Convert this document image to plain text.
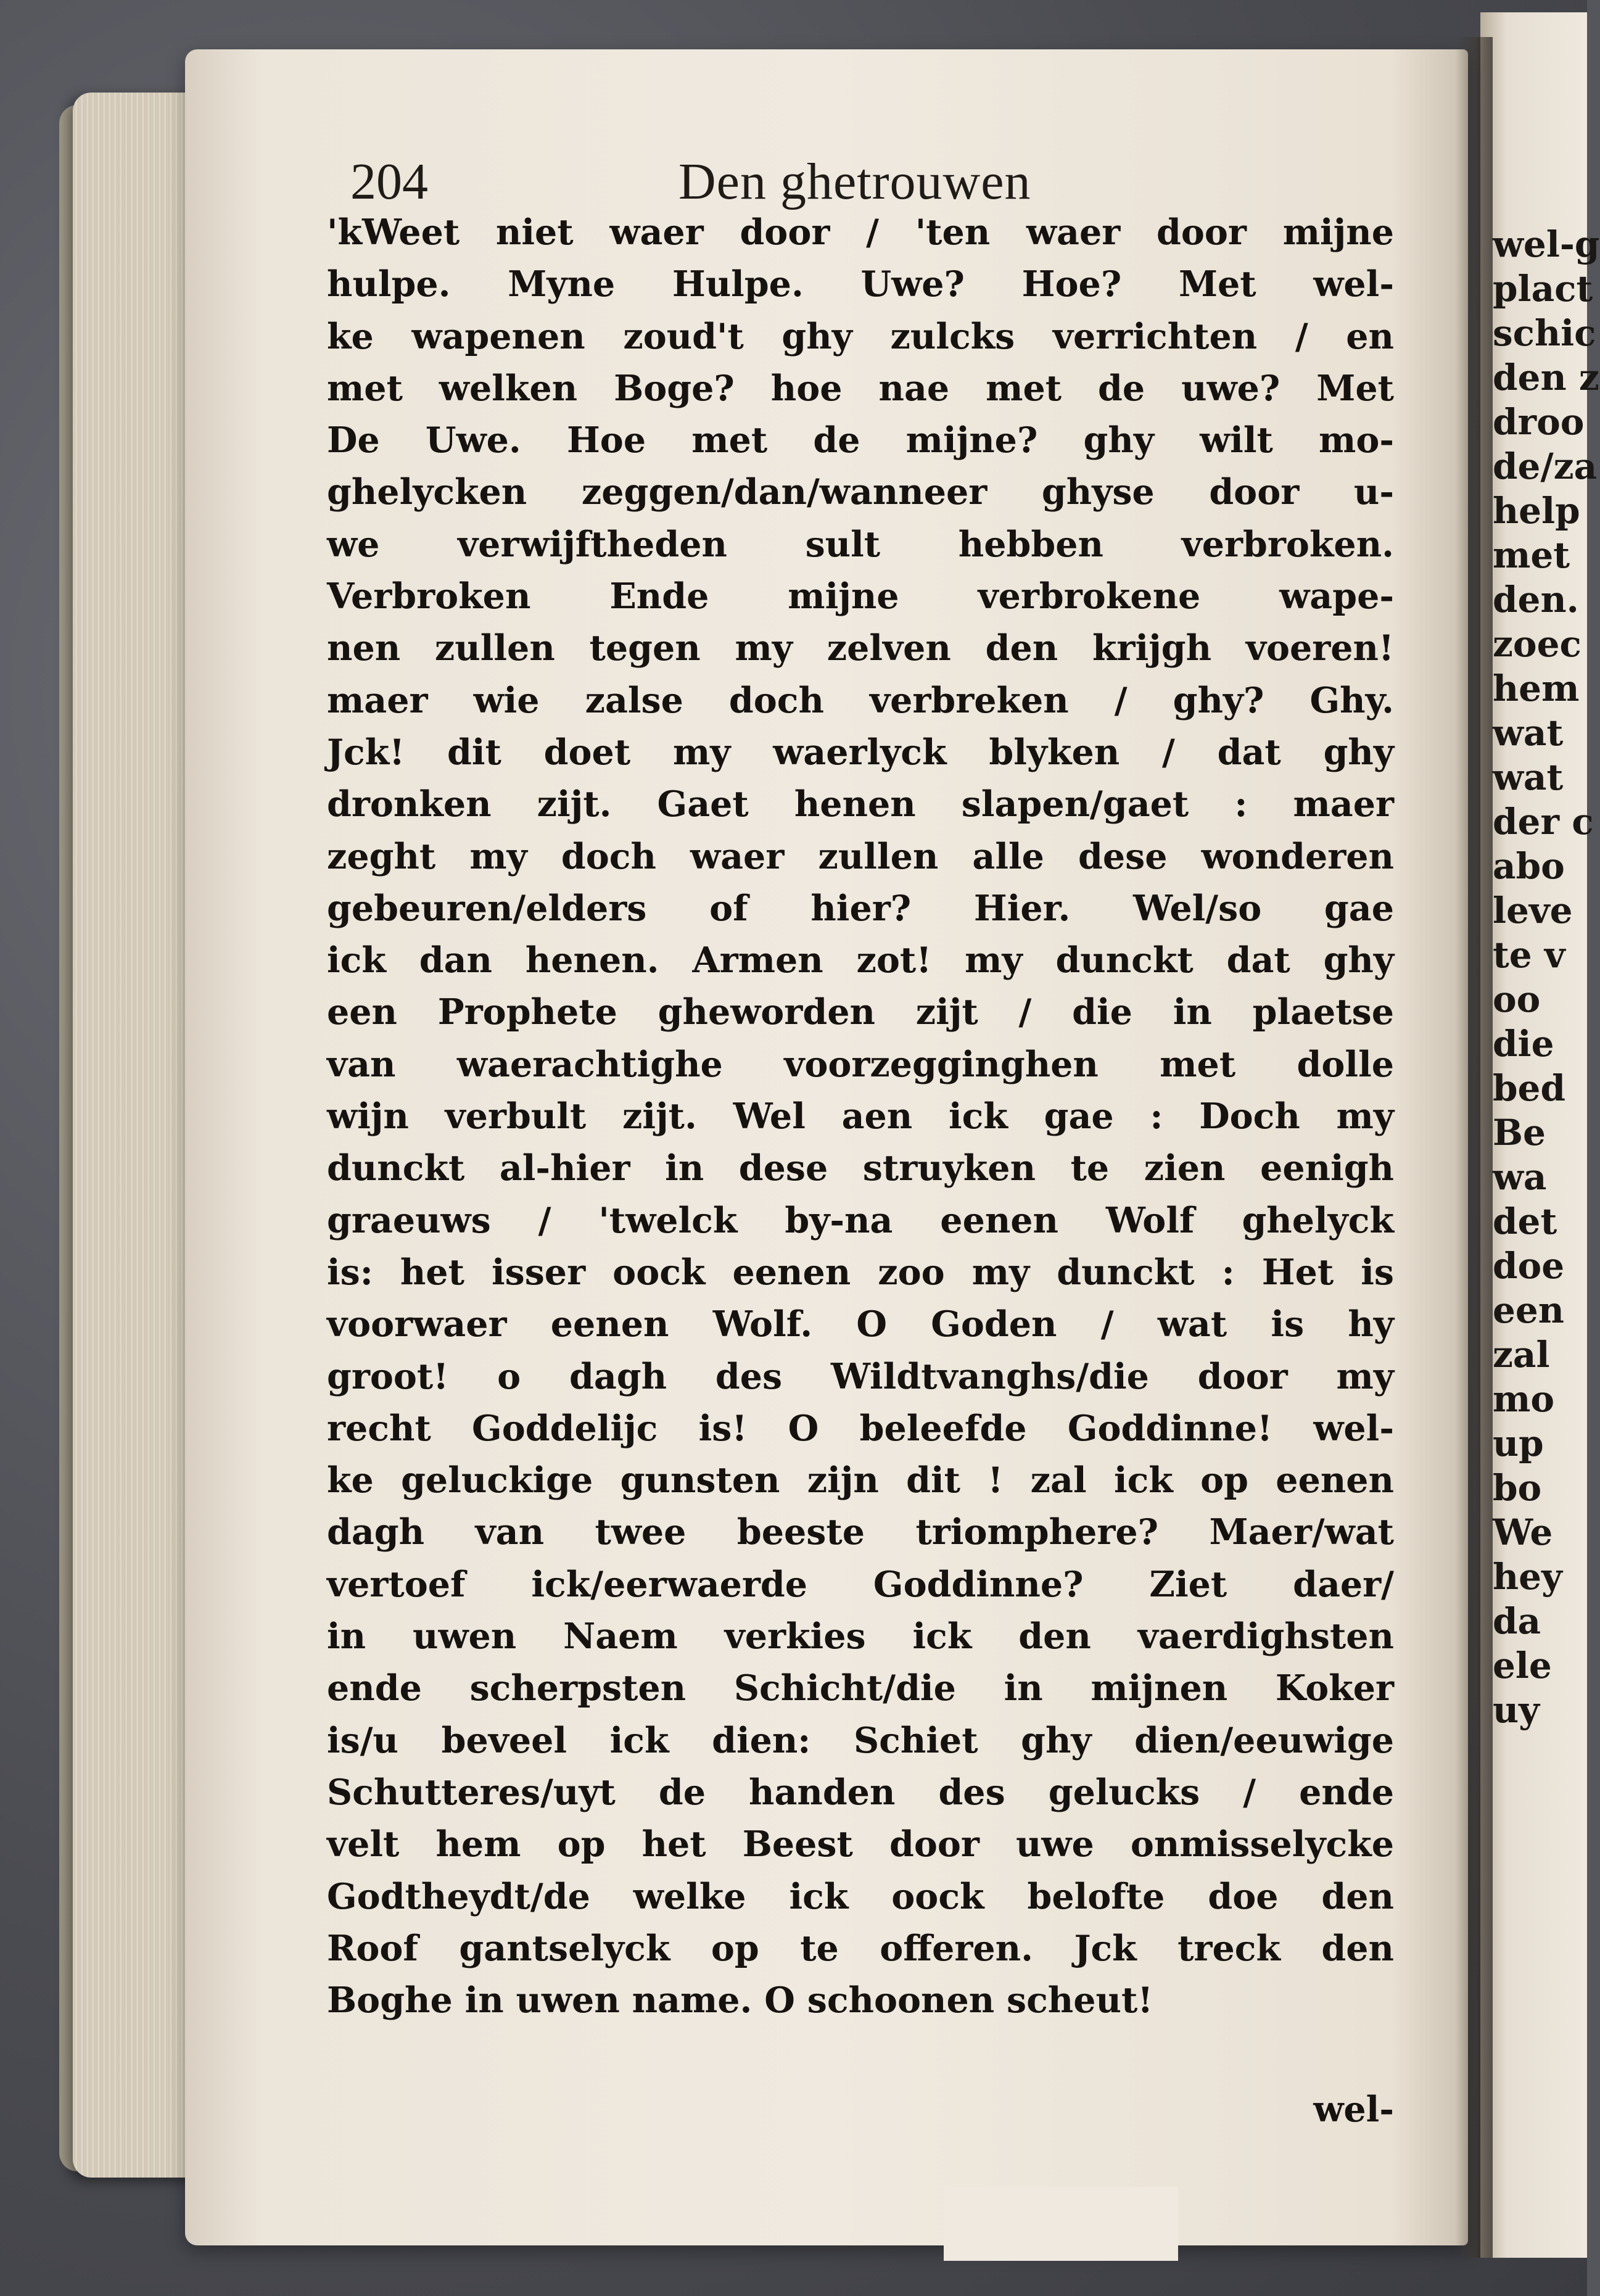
wel-g
plact
schic
den z
droo
de/za
help
met
den.
zoec
hem
wat
wat
der c
abo
leve
te v
oo
die
bed
Be
wa
det
doe
een
zal
mo
up
bo
We
hey
da
ele
uy
204	Den ghetrouwen
'kWeet niet waer door / 'ten waer door mijne
hulpe. Myne Hulpe. Uwe? Hoe? Met wel-
ke wapenen zoud't ghy zulcks verrichten / en
met welken Boge? hoe nae met de uwe? Met
De Uwe. Hoe met de mijne? ghy wilt mo-
ghelycken zeggen/dan/wanneer ghyse door u-
we verwijftheden sult hebben verbroken.
Verbroken Ende mijne verbrokene wape-
nen zullen tegen my zelven den krijgh voeren!
maer wie zalse doch verbreken / ghy? Ghy.
Jck! dit doet my waerlyck blyken / dat ghy
dronken zijt. Gaet henen slapen/gaet : maer
zeght my doch waer zullen alle dese wonderen
gebeuren/elders of hier? Hier. Wel/so gae
ick dan henen. Armen zot! my dunckt dat ghy
een Prophete gheworden zijt / die in plaetse
van waerachtighe voorzegginghen met dolle
wijn verbult zijt. Wel aen ick gae : Doch my
dunckt al-hier in dese struyken te zien eenigh
graeuws / 'twelck by-na eenen Wolf ghelyck
is: het isser oock eenen zoo my dunckt : Het is
voorwaer eenen Wolf. O Goden / wat is hy
groot! o dagh des Wildtvanghs/die door my
recht Goddelijc is! O beleefde Goddinne! wel-
ke geluckige gunsten zijn dit ! zal ick op eenen
dagh van twee beeste triomphere? Maer/wat
vertoef ick/eerwaerde Goddinne? Ziet daer/
in uwen Naem verkies ick den vaerdighsten
ende scherpsten Schicht/die in mijnen Koker
is/u beveel ick dien: Schiet ghy dien/eeuwige
Schutteres/uyt de handen des gelucks / ende
velt hem op het Beest door uwe onmisselycke
Godtheydt/de welke ick oock belofte doe den
Roof gantselyck op te offeren. Jck treck den
Boghe in uwen name. O schoonen scheut!
wel-
